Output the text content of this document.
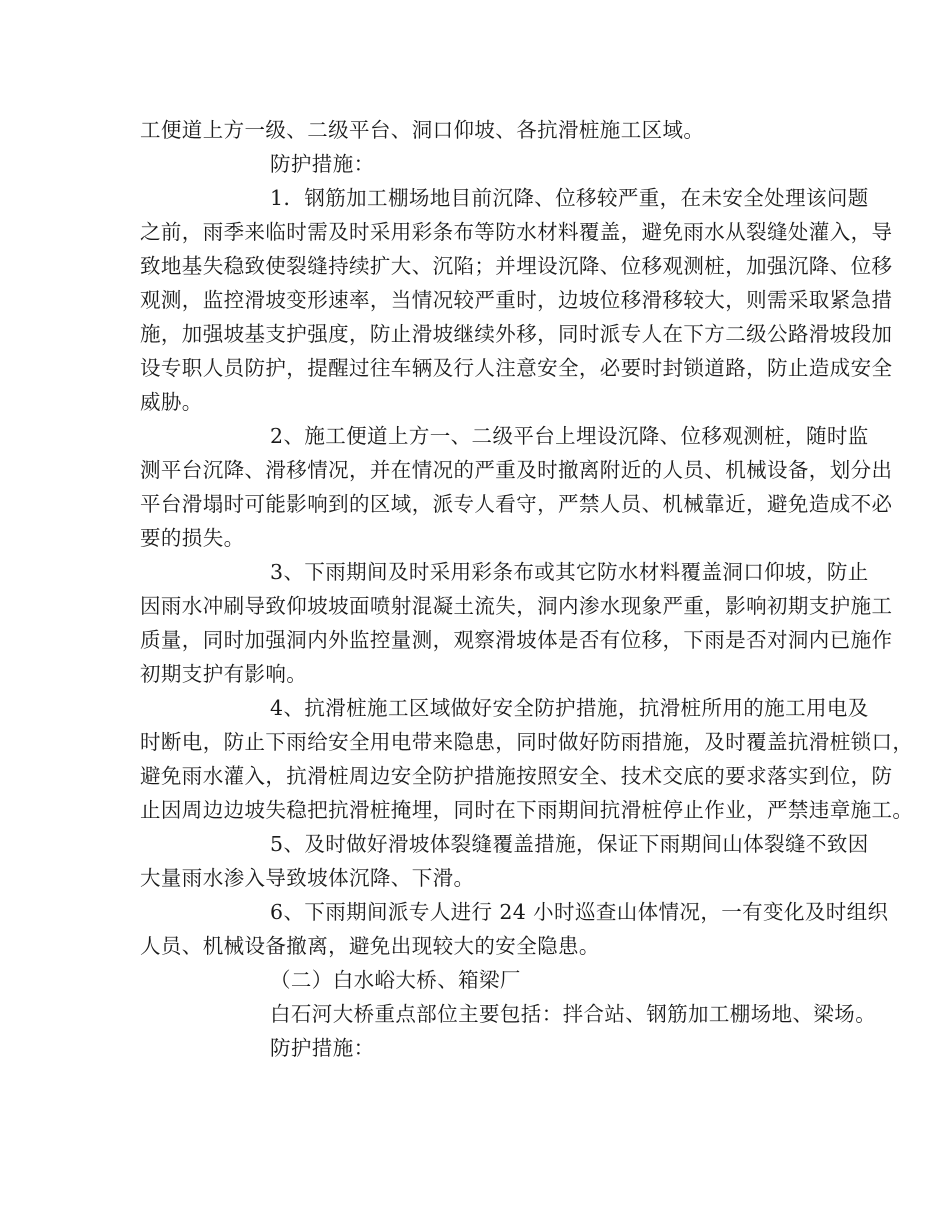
工便道上方一级、二级平台、洞口仰坡、各抗滑桩施工区域。
防护措施：
1．钢筋加工棚场地目前沉降、位移较严重，在未安全处理该问题
之前，雨季来临时需及时采用彩条布等防水材料覆盖，避免雨水从裂缝处灌入，导
致地基失稳致使裂缝持续扩大、沉陷；并埋设沉降、位移观测桩，加强沉降、位移
观测，监控滑坡变形速率，当情况较严重时，边坡位移滑移较大，则需采取紧急措
施，加强坡基支护强度，防止滑坡继续外移，同时派专人在下方二级公路滑坡段加
设专职人员防护，提醒过往车辆及行人注意安全，必要时封锁道路，防止造成安全
威胁。
2、施工便道上方一、二级平台上埋设沉降、位移观测桩，随时监
测平台沉降、滑移情况，并在情况的严重及时撤离附近的人员、机械设备，划分出
平台滑塌时可能影响到的区域，派专人看守，严禁人员、机械靠近，避免造成不必
要的损失。
3、下雨期间及时采用彩条布或其它防水材料覆盖洞口仰坡，防止
因雨水冲刷导致仰坡坡面喷射混凝土流失，洞内渗水现象严重，影响初期支护施工
质量，同时加强洞内外监控量测，观察滑坡体是否有位移，下雨是否对洞内已施作
初期支护有影响。
4、抗滑桩施工区域做好安全防护措施，抗滑桩所用的施工用电及
时断电，防止下雨给安全用电带来隐患，同时做好防雨措施，及时覆盖抗滑桩锁口，
避免雨水灌入，抗滑桩周边安全防护措施按照安全、技术交底的要求落实到位，防
止因周边边坡失稳把抗滑桩掩埋，同时在下雨期间抗滑桩停止作业，严禁违章施工。
5、及时做好滑坡体裂缝覆盖措施，保证下雨期间山体裂缝不致因
大量雨水渗入导致坡体沉降、下滑。
6、下雨期间派专人进行 24 小时巡查山体情况，一有变化及时组织
人员、机械设备撤离，避免出现较大的安全隐患。
（二）白水峪大桥、箱梁厂
白石河大桥重点部位主要包括：拌合站、钢筋加工棚场地、梁场。
防护措施：
